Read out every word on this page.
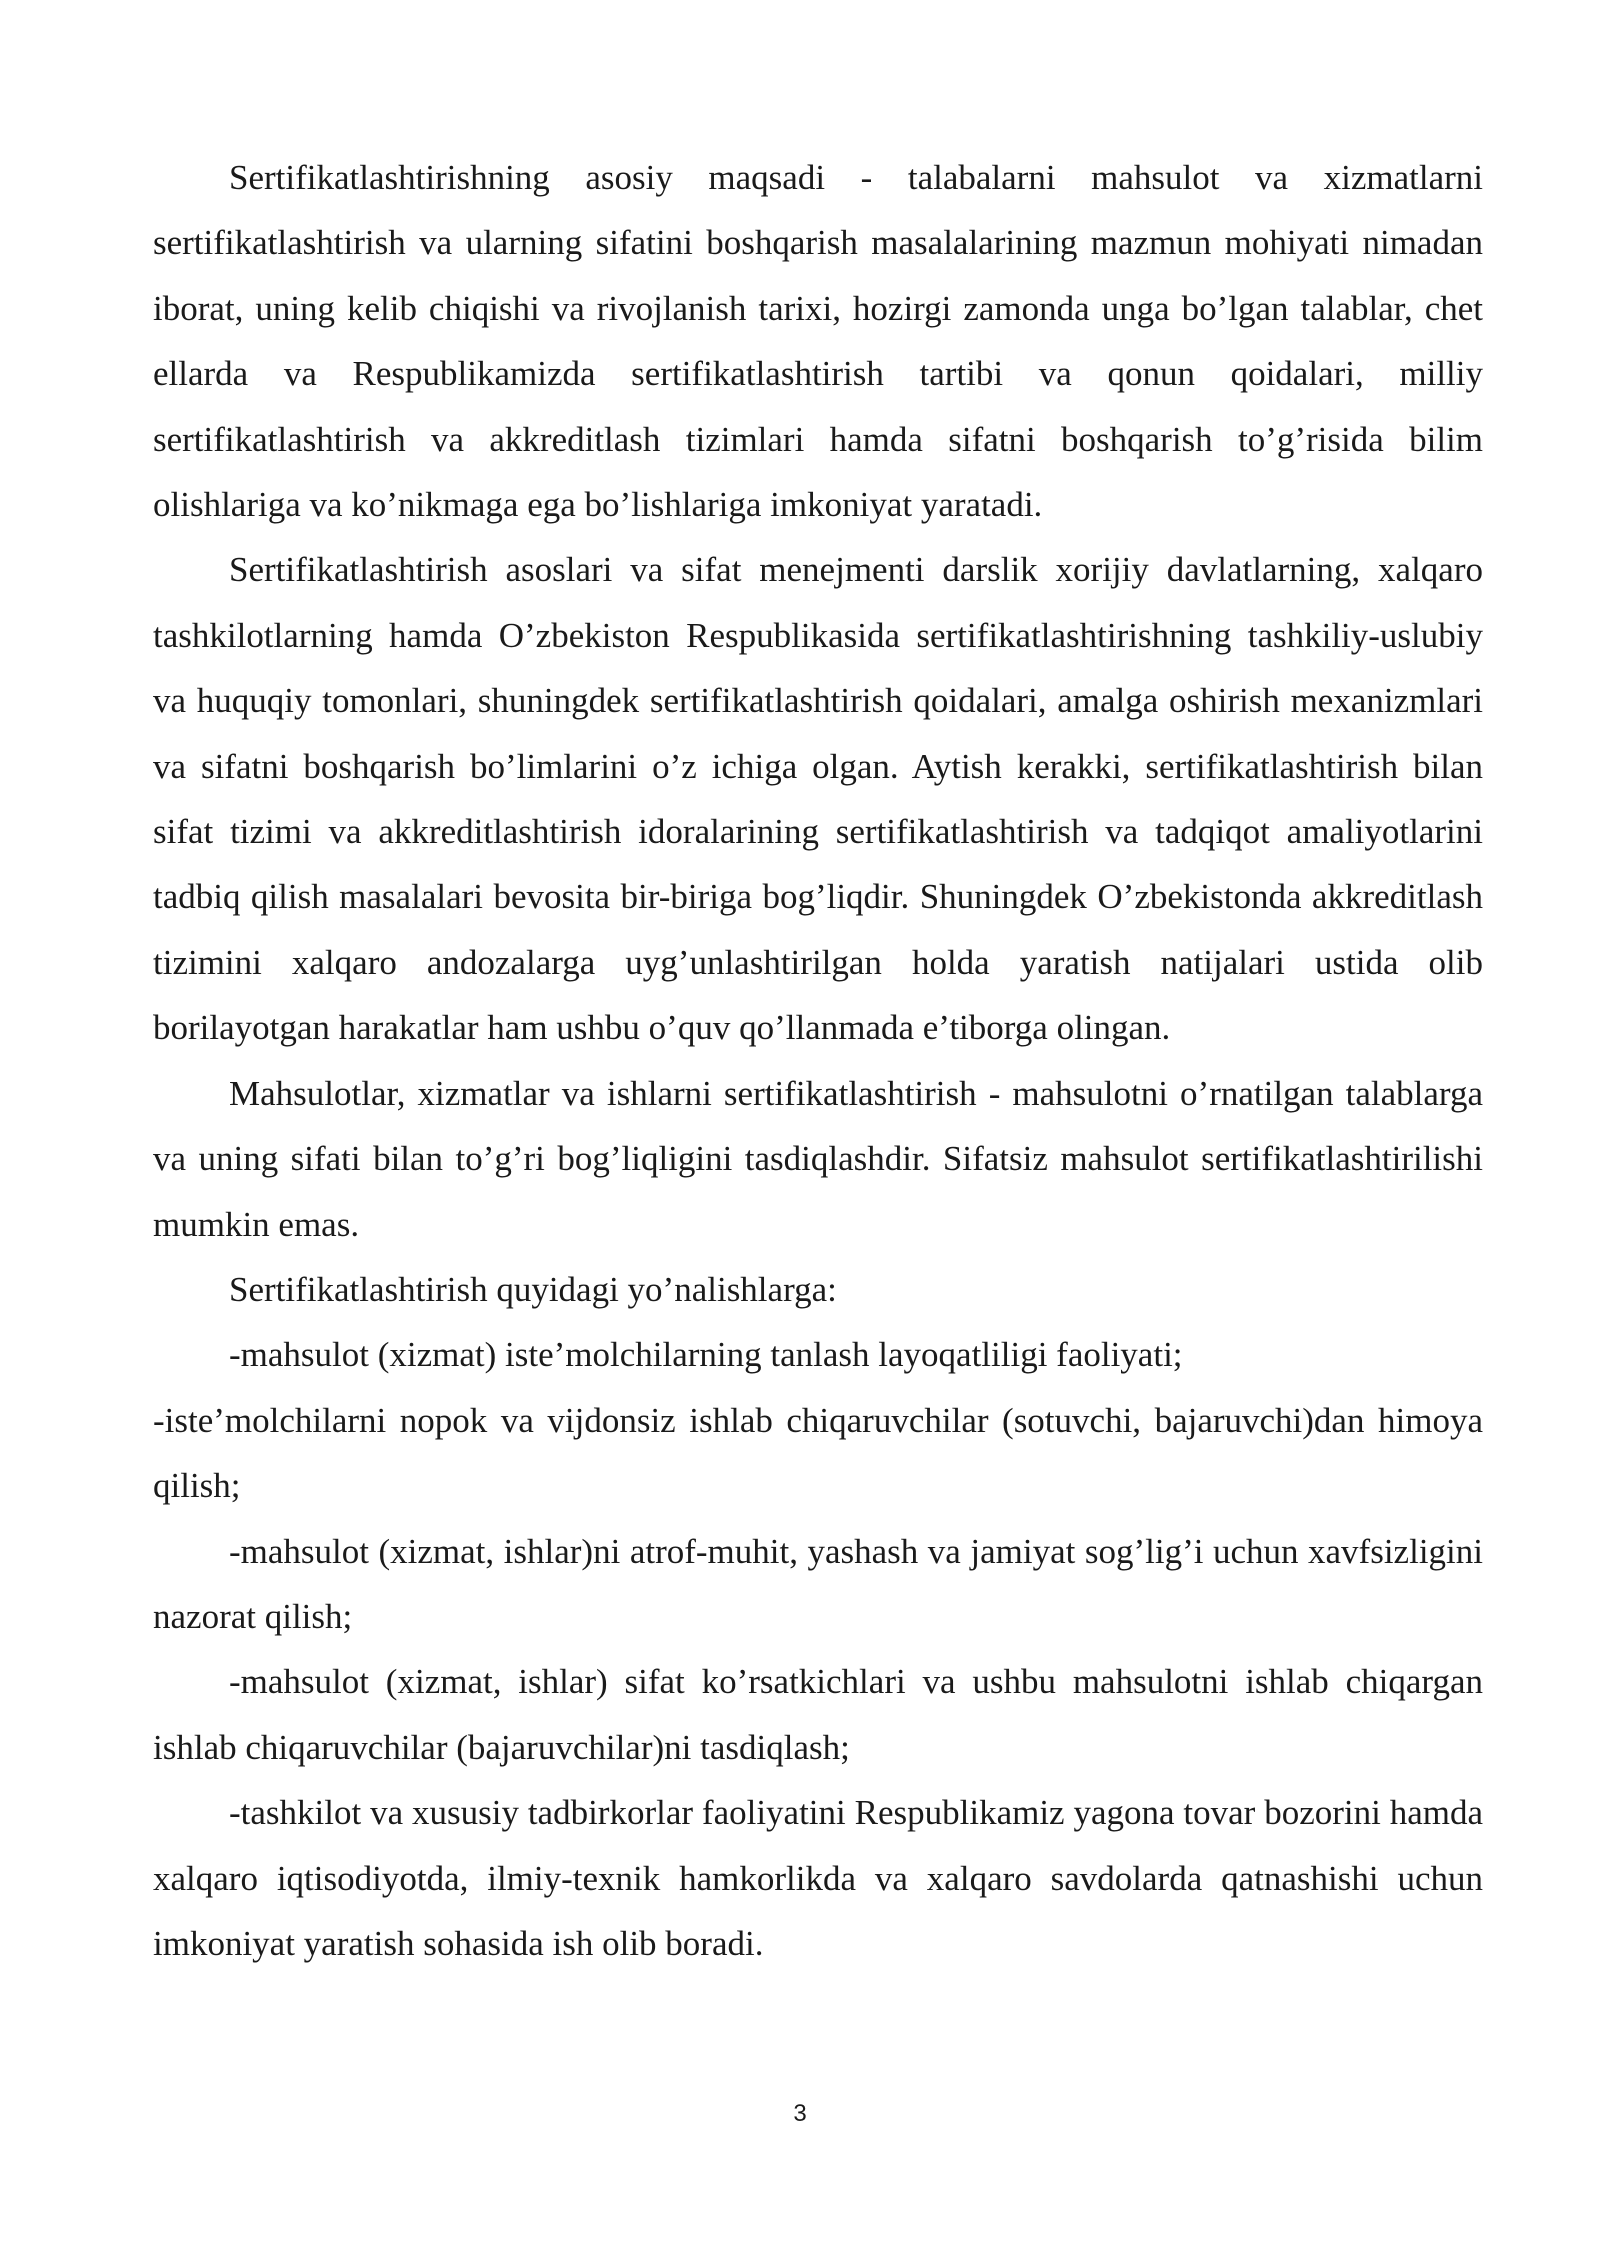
Sertifikatlashtirishning asosiy maqsadi - talabalarni mahsulot va xizmatlarni sertifikatlashtirish va ularning sifatini boshqarish masalalarining mazmun mohiyati nimadan iborat, uning kelib chiqishi va rivojlanish tarixi, hozirgi zamonda unga bo’lgan talablar, chet ellarda va Respublikamizda sertifikatlashtirish tartibi va qonun qoidalari, milliy sertifikatlashtirish va akkreditlash tizimlari hamda sifatni boshqarish to’g’risida bilim olishlariga va ko’nikmaga ega bo’lishlariga imkoniyat yaratadi.

Sertifikatlashtirish asoslari va sifat menejmenti darslik xorijiy davlatlarning, xalqaro tashkilotlarning hamda O’zbekiston Respublikasida sertifikatlashtirishning tashkiliy-uslubiy va huquqiy tomonlari, shuningdek sertifikatlashtirish qoidalari, amalga oshirish mexanizmlari va sifatni boshqarish bo’limlarini o’z ichiga olgan. Aytish kerakki, sertifikatlashtirish bilan sifat tizimi va akkreditlashtirish idoralarining sertifikatlashtirish va tadqiqot amaliyotlarini tadbiq qilish masalalari bevosita bir-biriga bog’liqdir. Shuningdek O’zbekistonda akkreditlash tizimini xalqaro andozalarga uyg’unlashtirilgan holda yaratish natijalari ustida olib borilayotgan harakatlar ham ushbu o’quv qo’llanmada e’tiborga olingan.

Mahsulotlar, xizmatlar va ishlarni sertifikatlashtirish - mahsulotni o’rnatilgan talablarga va uning sifati bilan to’g’ri bog’liqligini tasdiqlashdir. Sifatsiz mahsulot sertifikatlashtirilishi mumkin emas.

Sertifikatlashtirish quyidagi yo’nalishlarga:

-mahsulot (xizmat) iste’molchilarning tanlash layoqatliligi faoliyati;

-iste’molchilarni nopok va vijdonsiz ishlab chiqaruvchilar (sotuvchi, bajaruvchi)dan himoya qilish;

-mahsulot (xizmat, ishlar)ni atrof-muhit, yashash va jamiyat sog’lig’i uchun xavfsizligini nazorat qilish;

-mahsulot (xizmat, ishlar) sifat ko’rsatkichlari va ushbu mahsulotni ishlab chiqargan ishlab chiqaruvchilar (bajaruvchilar)ni tasdiqlash;

-tashkilot va xususiy tadbirkorlar faoliyatini Respublikamiz yagona tovar bozorini hamda xalqaro iqtisodiyotda, ilmiy-texnik hamkorlikda va xalqaro savdolarda qatnashishi uchun imkoniyat yaratish sohasida ish olib boradi.

3
